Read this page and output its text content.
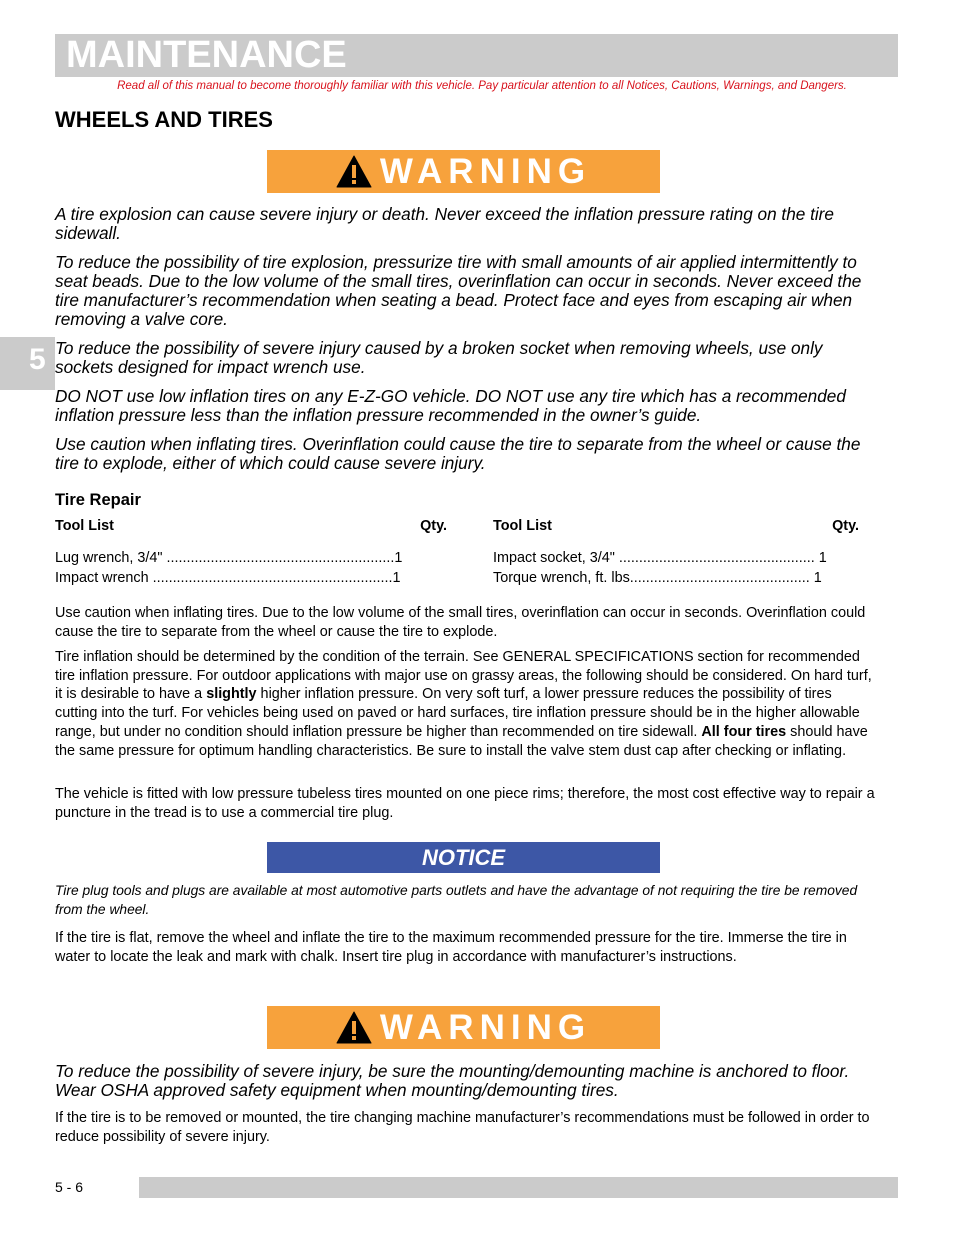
MAINTENANCE
Read all of this manual to become thoroughly familiar with this vehicle. Pay particular attention to all Notices, Cautions, Warnings, and Dangers.
WHEELS AND TIRES
5
WARNING
A tire explosion can cause severe injury or death. Never exceed the inflation pressure rating on the tire sidewall.
To reduce the possibility of tire explosion, pressurize tire with small amounts of air applied intermittently to seat beads. Due to the low volume of the small tires, overinflation can occur in seconds. Never exceed the tire manufacturer’s recommendation when seating a bead. Protect face and eyes from escaping air when removing a valve core.
To reduce the possibility of severe injury caused by a broken socket when removing wheels, use only sockets designed for impact wrench use.
DO NOT use low inflation tires on any E-Z-GO vehicle. DO NOT use any tire which has a recommended inflation pressure less than the inflation pressure recommended in the owner’s guide.
Use caution when inflating tires. Overinflation could cause the tire to separate from the wheel or cause the tire to explode, either of which could cause severe injury.
Tire Repair
Tool List	Qty.
Lug wrench, 3/4" .........................................................1
Impact wrench ............................................................1
Tool List	Qty.
Impact socket, 3/4" ................................................. 1
Torque wrench, ft. lbs............................................. 1
Use caution when inflating tires. Due to the low volume of the small tires, overinflation can occur in seconds. Overinflation could cause the tire to separate from the wheel or cause the tire to explode.
Tire inflation should be determined by the condition of the terrain. See GENERAL SPECIFICATIONS section for recommended tire inflation pressure. For outdoor applications with major use on grassy areas, the following should be considered. On hard turf, it is desirable to have a slightly higher inflation pressure. On very soft turf, a lower pressure reduces the possibility of tires cutting into the turf. For vehicles being used on paved or hard surfaces, tire inflation pressure should be in the higher allowable range, but under no condition should inflation pressure be higher than recommended on tire sidewall. All four tires should have the same pressure for optimum handling characteristics. Be sure to install the valve stem dust cap after checking or inflating.
The vehicle is fitted with low pressure tubeless tires mounted on one piece rims; therefore, the most cost effective way to repair a puncture in the tread is to use a commercial tire plug.
NOTICE
Tire plug tools and plugs are available at most automotive parts outlets and have the advantage of not requiring the tire be removed from the wheel.
If the tire is flat, remove the wheel and inflate the tire to the maximum recommended pressure for the tire. Immerse the tire in water to locate the leak and mark with chalk. Insert tire plug in accordance with manufacturer’s instructions.
WARNING
To reduce the possibility of severe injury, be sure the mounting/demounting machine is anchored to floor. Wear OSHA approved safety equipment when mounting/demounting tires.
If the tire is to be removed or mounted, the tire changing machine manufacturer’s recommendations must be followed in order to reduce possibility of severe injury.
5 - 6
